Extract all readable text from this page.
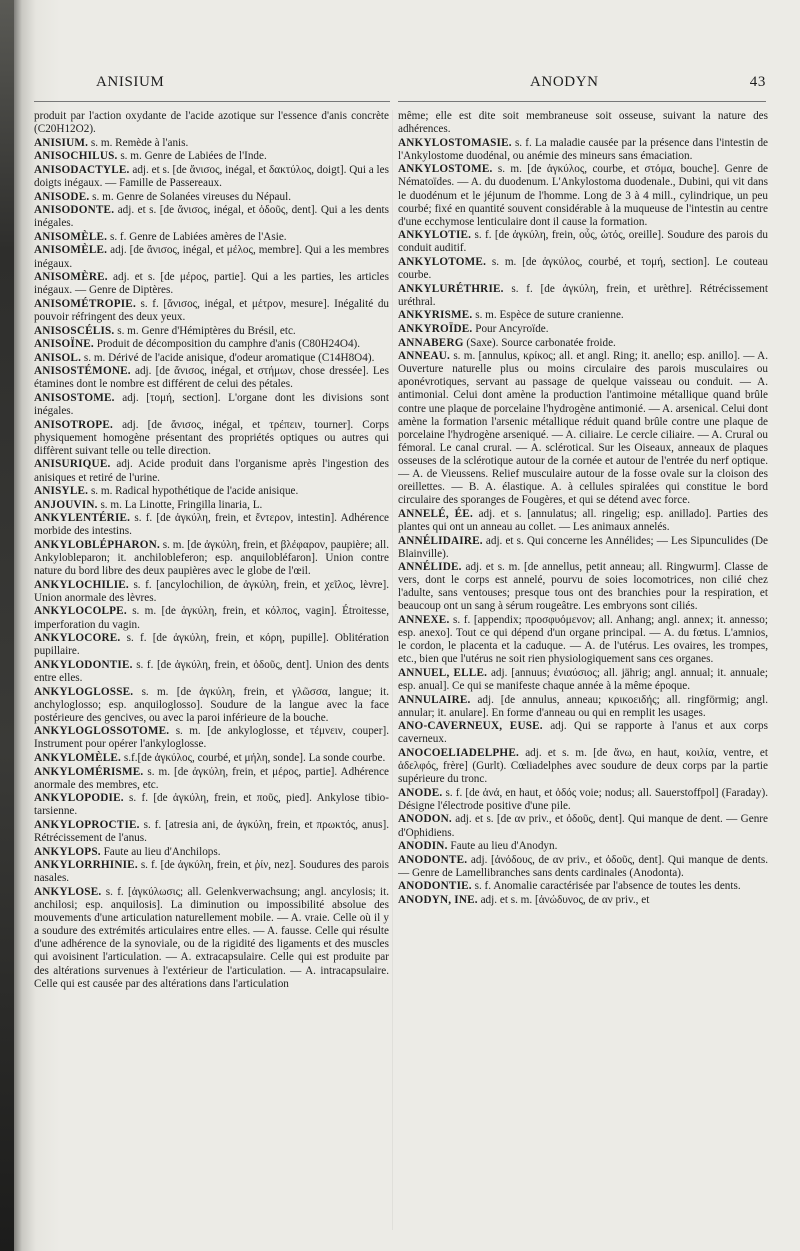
ANISIUM	ANODYN	43

produit par l'action oxydante de l'acide azotique sur l'essence d'anis concrète (C20H12O2).

ANISIUM. s. m. Remède à l'anis.

ANISOCHILUS. s. m. Genre de Labiées de l'Inde.

ANISODACTYLE. adj. et s. [de ἄνισος, inégal, et δακτύλος, doigt]. Qui a les doigts inégaux. — Famille de Passereaux.

ANISODE. s. m. Genre de Solanées vireuses du Népaul.

ANISODONTE. adj. et s. [de ἄνισος, inégal, et ὀδοῦς, dent]. Qui a les dents inégales.

ANISOMÈLE. s. f. Genre de Labiées amères de l'Asie.

ANISOMÈLE. adj. [de ἄνισος, inégal, et μέλος, membre]. Qui a les membres inégaux.

ANISOMÈRE. adj. et s. [de μέρος, partie]. Qui a les parties, les articles inégaux. — Genre de Diptères.

ANISOMÉTROPIE. s. f. [ἄνισος, inégal, et μέτρον, mesure]. Inégalité du pouvoir réfringent des deux yeux.

ANISOSCÉLIS. s. m. Genre d'Hémiptères du Brésil, etc.

ANISOÏNE. Produit de décomposition du camphre d'anis (C80H24O4).

ANISOL. s. m. Dérivé de l'acide anisique, d'odeur aromatique (C14H8O4).

ANISOSTÉMONE. adj. [de ἄνισος, inégal, et στήμων, chose dressée]. Les étamines dont le nombre est différent de celui des pétales.

ANISOSTOME. adj. [τομή, section]. L'organe dont les divisions sont inégales.

ANISOTROPE. adj. [de ἄνισος, inégal, et τρέπειν, tourner]. Corps physiquement homogène présentant des propriétés optiques ou autres qui diffèrent suivant telle ou telle direction.

ANISURIQUE. adj. Acide produit dans l'organisme après l'ingestion des anisiques et retiré de l'urine.

ANISYLE. s. m. Radical hypothétique de l'acide anisique.

ANJOUVIN. s. m. La Linotte, Fringilla linaria, L.

ANKYLENTÉRIE. s. f. [de ἀγκύλη, frein, et ἔντερον, intestin]. Adhérence morbide des intestins.

ANKYLOBLÉPHARON. s. m. [de ἀγκύλη, frein, et βλέφαρον, paupière; all. Ankylobleparon; it. anchilobleferon; esp. anquilobléfaron]. Union contre nature du bord libre des deux paupières avec le globe de l'œil.

ANKYLOCHILIE. s. f. [ancylochilion, de ἀγκύλη, frein, et χεῖλος, lèvre]. Union anormale des lèvres.

ANKYLOCOLPE. s. m. [de ἀγκύλη, frein, et κόλπος, vagin]. Étroitesse, imperforation du vagin.

ANKYLOCORE. s. f. [de ἀγκύλη, frein, et κόρη, pupille]. Oblitération pupillaire.

ANKYLODONTIE. s. f. [de ἀγκύλη, frein, et ὀδοῦς, dent]. Union des dents entre elles.

ANKYLOGLOSSE. s. m. [de ἀγκύλη, frein, et γλῶσσα, langue; it. anchyloglosso; esp. anquiloglosso]. Soudure de la langue avec la face postérieure des gencives, ou avec la paroi inférieure de la bouche.

ANKYLOGLOSSOTOME. s. m. [de ankyloglosse, et τέμνειν, couper]. Instrument pour opérer l'ankyloglosse.

ANKYLOMÈLE. s.f.[de ἀγκύλος, courbé, et μήλη, sonde]. La sonde courbe.

ANKYLOMÉRISME. s. m. [de ἀγκύλη, frein, et μέρος, partie]. Adhérence anormale des membres, etc.

ANKYLOPODIE. s. f. [de ἀγκύλη, frein, et ποῦς, pied]. Ankylose tibio-tarsienne.

ANKYLOPROCTIE. s. f. [atresia ani, de ἀγκύλη, frein, et πρωκτός, anus]. Rétrécissement de l'anus.

ANKYLOPS. Faute au lieu d'Anchilops.

ANKYLORRHINIE. s. f. [de ἀγκύλη, frein, et ῥίν, nez]. Soudures des parois nasales.

ANKYLOSE. s. f. [ἀγκύλωσις; all. Gelenkverwachsung; angl. ancylosis; it. anchilosi; esp. anquilosis]. La diminution ou impossibilité absolue des mouvements d'une articulation naturellement mobile. — A. vraie. Celle où il y a soudure des extrémités articulaires entre elles. — A. fausse. Celle qui résulte d'une adhérence de la synoviale, ou de la rigidité des ligaments et des muscles qui avoisinent l'articulation. — A. extracapsulaire. Celle qui est produite par des altérations survenues à l'extérieur de l'articulation. — A. intracapsulaire. Celle qui est causée par des altérations dans l'articulation

même; elle est dite soit membraneuse soit osseuse, suivant la nature des adhérences.

ANKYLOSTOMASIE. s. f. La maladie causée par la présence dans l'intestin de l'Ankylostome duodénal, ou anémie des mineurs sans émaciation.

ANKYLOSTOME. s. m. [de ἀγκύλος, courbe, et στόμα, bouche]. Genre de Nématoïdes. — A. du duodenum. L'Ankylostoma duodenale., Dubini, qui vit dans le duodénum et le jéjunum de l'homme. Long de 3 à 4 mill., cylindrique, un peu courbé; fixé en quantité souvent considérable à la muqueuse de l'intestin au centre d'une ecchymose lenticulaire dont il cause la formation.

ANKYLOTIE. s. f. [de ἀγκύλη, frein, οὖς, ὠτός, oreille]. Soudure des parois du conduit auditif.

ANKYLOTOME. s. m. [de ἀγκύλος, courbé, et τομή, section]. Le couteau courbe.

ANKYLURÉTHRIE. s. f. [de ἀγκύλη, frein, et urèthre]. Rétrécissement uréthral.

ANKYRISME. s. m. Espèce de suture cranienne.

ANKYROÏDE. Pour Ancyroïde.

ANNABERG (Saxe). Source carbonatée froide.

ANNEAU. s. m. [annulus, κρίκος; all. et angl. Ring; it. anello; esp. anillo]. — A. Ouverture naturelle plus ou moins circulaire des parois musculaires ou aponévrotiques, servant au passage de quelque vaisseau ou conduit. — A. antimonial. Celui dont amène la production l'antimoine métallique quand brûle contre une plaque de porcelaine l'hydrogène antimonié. — A. arsenical. Celui dont amène la formation l'arsenic métallique réduit quand brûle contre une plaque de porcelaine l'hydrogène arseniqué. — A. ciliaire. Le cercle ciliaire. — A. Crural ou fémoral. Le canal crural. — A. sclérotical. Sur les Oiseaux, anneaux de plaques osseuses de la sclérotique autour de la cornée et autour de l'entrée du nerf optique. — A. de Vieussens. Relief musculaire autour de la fosse ovale sur la cloison des oreillettes. — B. A. élastique. A. à cellules spiralées qui constitue le bord circulaire des sporanges de Fougères, et qui se détend avec force.

ANNELÉ, ÉE. adj. et s. [annulatus; all. ringelig; esp. anillado]. Parties des plantes qui ont un anneau au collet. — Les animaux annelés.

ANNÉLIDAIRE. adj. et s. Qui concerne les Annélides; — Les Sipunculides (De Blainville).

ANNÉLIDE. adj. et s. m. [de annellus, petit anneau; all. Ringwurm]. Classe de vers, dont le corps est annelé, pourvu de soies locomotrices, non cilié chez l'adulte, sans ventouses; presque tous ont des branchies pour la respiration, et beaucoup ont un sang à sérum rougeâtre. Les embryons sont ciliés.

ANNEXE. s. f. [appendix; προσφυόμενον; all. Anhang; angl. annex; it. annesso; esp. anexo]. Tout ce qui dépend d'un organe principal. — A. du fœtus. L'amnios, le cordon, le placenta et la caduque. — A. de l'utérus. Les ovaires, les trompes, etc., bien que l'utérus ne soit rien physiologiquement sans ces organes.

ANNUEL, ELLE. adj. [annuus; ἐνιαύσιος; all. jährig; angl. annual; it. annuale; esp. anual]. Ce qui se manifeste chaque année à la même époque.

ANNULAIRE. adj. [de annulus, anneau; κρικοειδής; all. ringförmig; angl. annular; it. anulare]. En forme d'anneau ou qui en remplit les usages.

ANO-CAVERNEUX, EUSE. adj. Qui se rapporte à l'anus et aux corps caverneux.

ANOCOELIADELPHE. adj. et s. m. [de ἄνω, en haut, κοιλία, ventre, et ἀδελφός, frère] (Gurlt). Cœliadelphes avec soudure de deux corps par la partie supérieure du tronc.

ANODE. s. f. [de ἀνά, en haut, et ὁδός voie; nodus; all. Sauerstoffpol] (Faraday). Désigne l'électrode positive d'une pile.

ANODON. adj. et s. [de αν priv., et ὀδοῦς, dent]. Qui manque de dent. — Genre d'Ophidiens.

ANODIN. Faute au lieu d'Anodyn.

ANODONTE. adj. [ἀνόδους, de αν priv., et ὀδοῦς, dent]. Qui manque de dents. — Genre de Lamellibranches sans dents cardinales (Anodonta).

ANODONTIE. s. f. Anomalie caractérisée par l'absence de toutes les dents.

ANODYN, INE. adj. et s. m. [ἀνώδυνος, de αν priv., et
